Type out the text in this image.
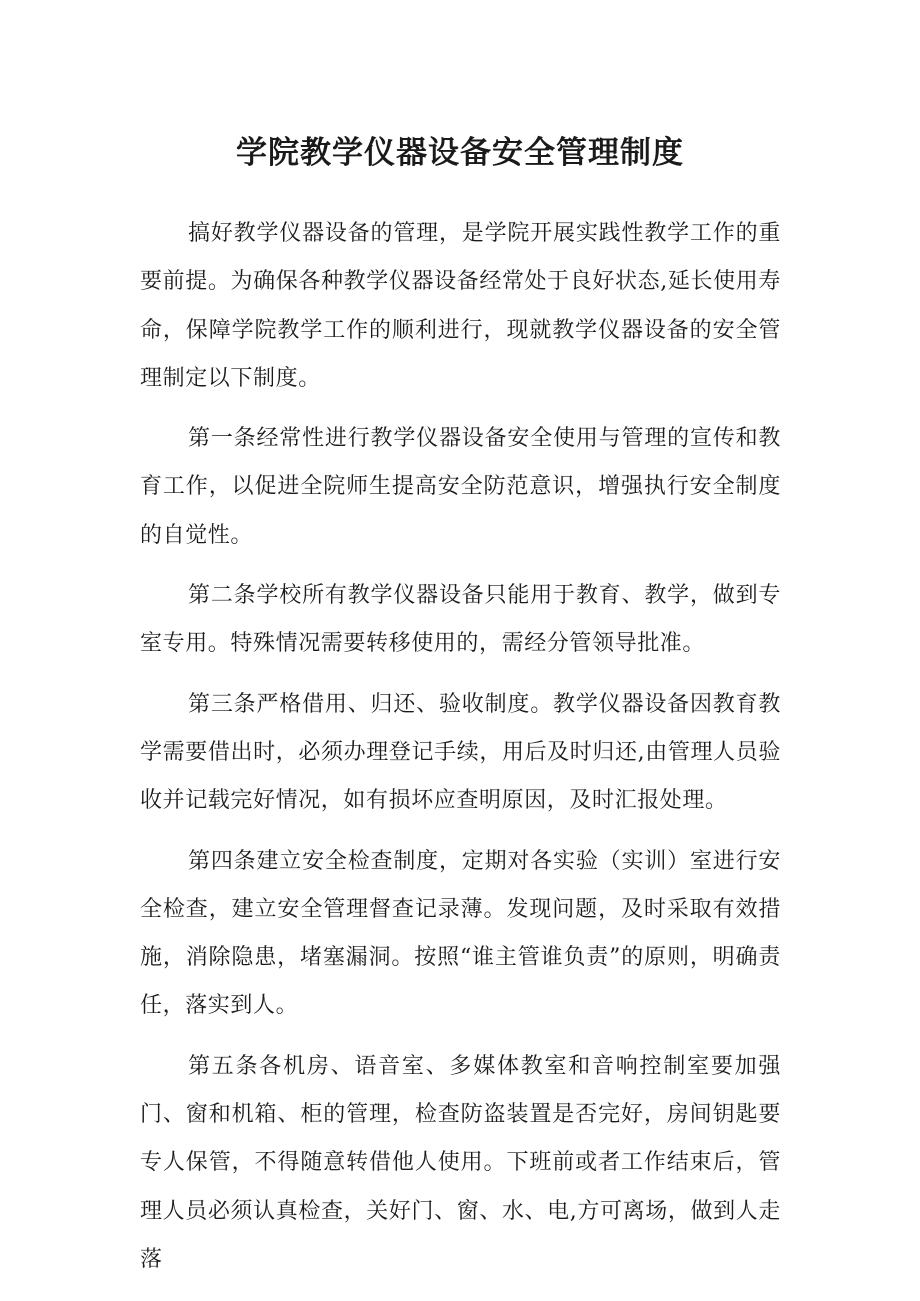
学院教学仪器设备安全管理制度

搞好教学仪器设备的管理，是学院开展实践性教学工作的重要前提。为确保各种教学仪器设备经常处于良好状态,延长使用寿命，保障学院教学工作的顺利进行，现就教学仪器设备的安全管理制定以下制度。

第一条经常性进行教学仪器设备安全使用与管理的宣传和教育工作，以促进全院师生提高安全防范意识，增强执行安全制度的自觉性。

第二条学校所有教学仪器设备只能用于教育、教学，做到专室专用。特殊情况需要转移使用的，需经分管领导批准。

第三条严格借用、归还、验收制度。教学仪器设备因教育教学需要借出时，必须办理登记手续，用后及时归还,由管理人员验收并记载完好情况，如有损坏应查明原因，及时汇报处理。

第四条建立安全检查制度，定期对各实验（实训）室进行安全检查，建立安全管理督查记录薄。发现问题，及时采取有效措施，消除隐患，堵塞漏洞。按照“谁主管谁负责”的原则，明确责任，落实到人。

第五条各机房、语音室、多媒体教室和音响控制室要加强门、窗和机箱、柜的管理，检查防盗装置是否完好，房间钥匙要专人保管，不得随意转借他人使用。下班前或者工作结束后，管理人员必须认真检查，关好门、窗、水、电,方可离场，做到人走落
